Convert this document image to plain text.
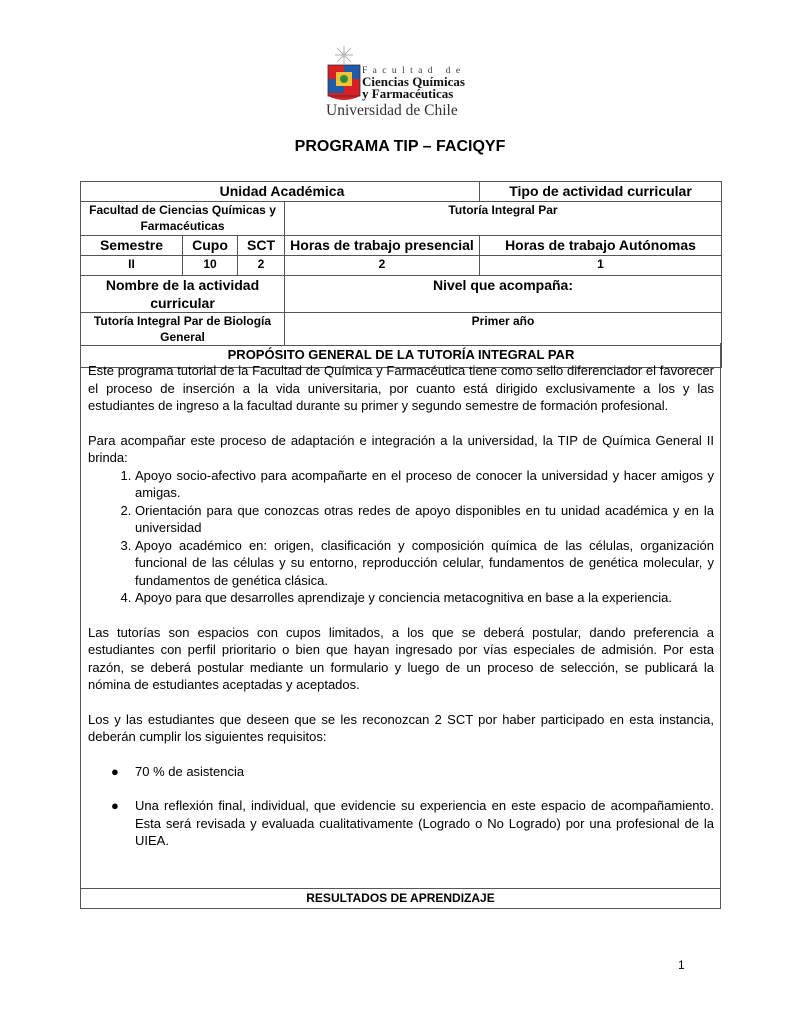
Facultad de
Ciencias Químicas
y Farmacéuticas
Universidad de Chile
PROGRAMA TIP – FACIQYF
Unidad Académica				Tipo de actividad curricular
Facultad de Ciencias Químicas y Farmacéuticas			Tutoría Integral Par	
Semestre	Cupo	SCT	Horas de trabajo presencial	Horas de trabajo Autónomas
II	10	2	2	1
Nombre de la actividad curricular			Nivel que acompaña:	
Tutoría Integral Par de Biología General			Primer año	
PROPÓSITO GENERAL DE LA TUTORÍA INTEGRAL PAR				

Este programa tutorial de la Facultad de Química y Farmacéutica tiene como sello diferenciador el favorecer el proceso de inserción a la vida universitaria, por cuanto está dirigido exclusivamente a los y las estudiantes de ingreso a la facultad durante su primer y segundo semestre de formación profesional.

Para acompañar este proceso de adaptación e integración a la universidad, la TIP de Química General II brinda:

1. Apoyo socio-afectivo para acompañarte en el proceso de conocer la universidad y hacer amigos y amigas.
2. Orientación para que conozcas otras redes de apoyo disponibles en tu unidad académica y en la universidad
3. Apoyo académico en: origen, clasificación y composición química de las células, organización funcional de las células y su entorno, reproducción celular, fundamentos de genética molecular, y fundamentos de genética clásica.
4. Apoyo para que desarrolles aprendizaje y conciencia metacognitiva en base a la experiencia.

Las tutorías son espacios con cupos limitados, a los que se deberá postular, dando preferencia a estudiantes con perfil prioritario o bien que hayan ingresado por vías especiales de admisión. Por esta razón, se deberá postular mediante un formulario y luego de un proceso de selección, se publicará la nómina de estudiantes aceptadas y aceptados.

Los y las estudiantes que deseen que se les reconozcan 2 SCT por haber participado en esta instancia, deberán cumplir los siguientes requisitos:

● 70 % de asistencia
● Una reflexión final, individual, que evidencie su experiencia en este espacio de acompañamiento. Esta será revisada y evaluada cualitativamente (Logrado o No Logrado) por una profesional de la UIEA.
RESULTADOS DE APRENDIZAJE
1
